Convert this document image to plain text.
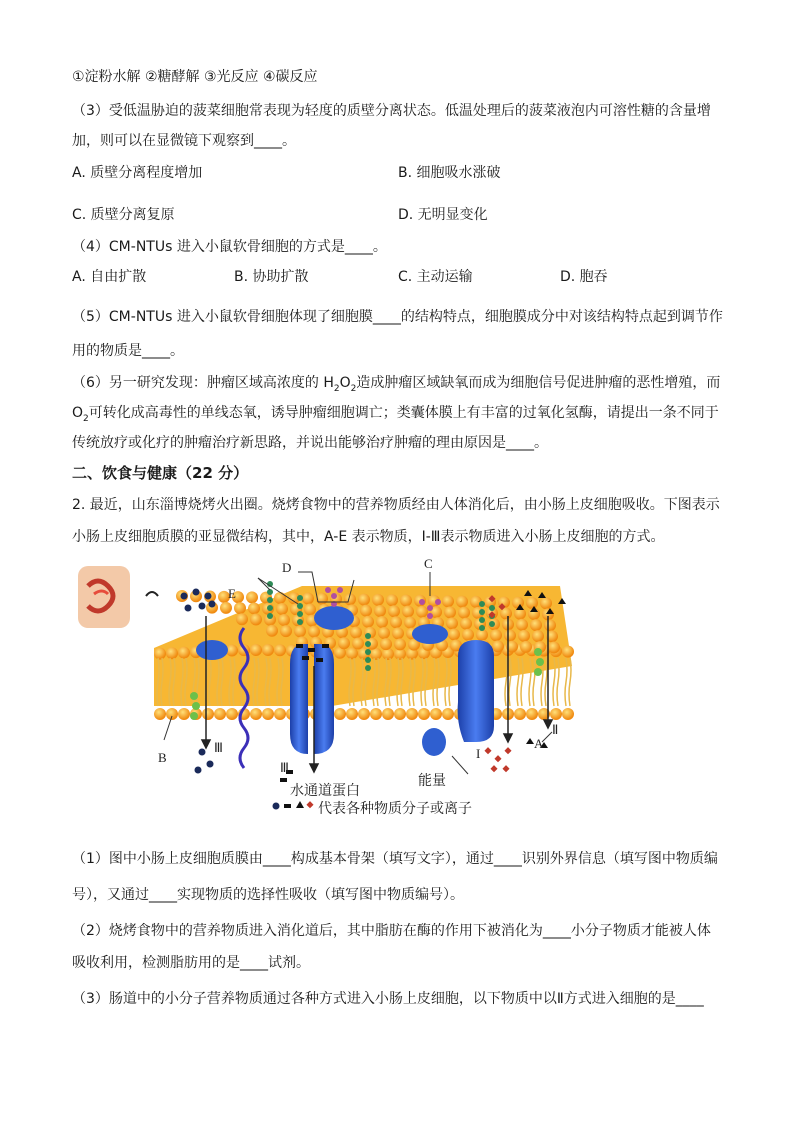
①淀粉水解 ②糖酵解 ③光反应 ④碳反应
（3）受低温胁迫的菠菜细胞常表现为轻度的质壁分离状态。低温处理后的菠菜液泡内可溶性糖的含量增
加，则可以在显微镜下观察到____。
A. 质壁分离程度增加	B. 细胞吸水涨破
C. 质壁分离复原	D. 无明显变化
（4）CM-NTUs 进入小鼠软骨细胞的方式是____。
A. 自由扩散	B. 协助扩散	C. 主动运输	D. 胞吞
（5）CM-NTUs 进入小鼠软骨细胞体现了细胞膜____的结构特点，细胞膜成分中对该结构特点起到调节作
用的物质是____。
（6）另一研究发现：肿瘤区域高浓度的 $H_2O_2$造成肿瘤区域缺氧而成为细胞信号促进肿瘤的恶性增殖，而
$O_2$可转化成高毒性的单线态氧，诱导肿瘤细胞调亡；类囊体膜上有丰富的过氧化氢酶，请提出一条不同于
传统放疗或化疗的肿瘤治疗新思路，并说出能够治疗肿瘤的理由原因是____。
二、饮食与健康（22 分）
2. 最近，山东淄博烧烤火出圈。烧烤食物中的营养物质经由人体消化后，由小肠上皮细胞吸收。下图表示
小肠上皮细胞质膜的亚显微结构，其中，A-E 表示物质，I-Ⅲ表示物质进入小肠上皮细胞的方式。
D	C
E
B
Ⅲ
Ⅲ
I
A
Ⅱ
能量
水通道蛋白
代表各种物质分子或离子
（1）图中小肠上皮细胞质膜由____构成基本骨架（填写文字），通过____识别外界信息（填写图中物质编
号），又通过____实现物质的选择性吸收（填写图中物质编号）。
（2）烧烤食物中的营养物质进入消化道后，其中脂肪在酶的作用下被消化为____小分子物质才能被人体
吸收利用，检测脂肪用的是____试剂。
（3）肠道中的小分子营养物质通过各种方式进入小肠上皮细胞，以下物质中以Ⅱ方式进入细胞的是____
